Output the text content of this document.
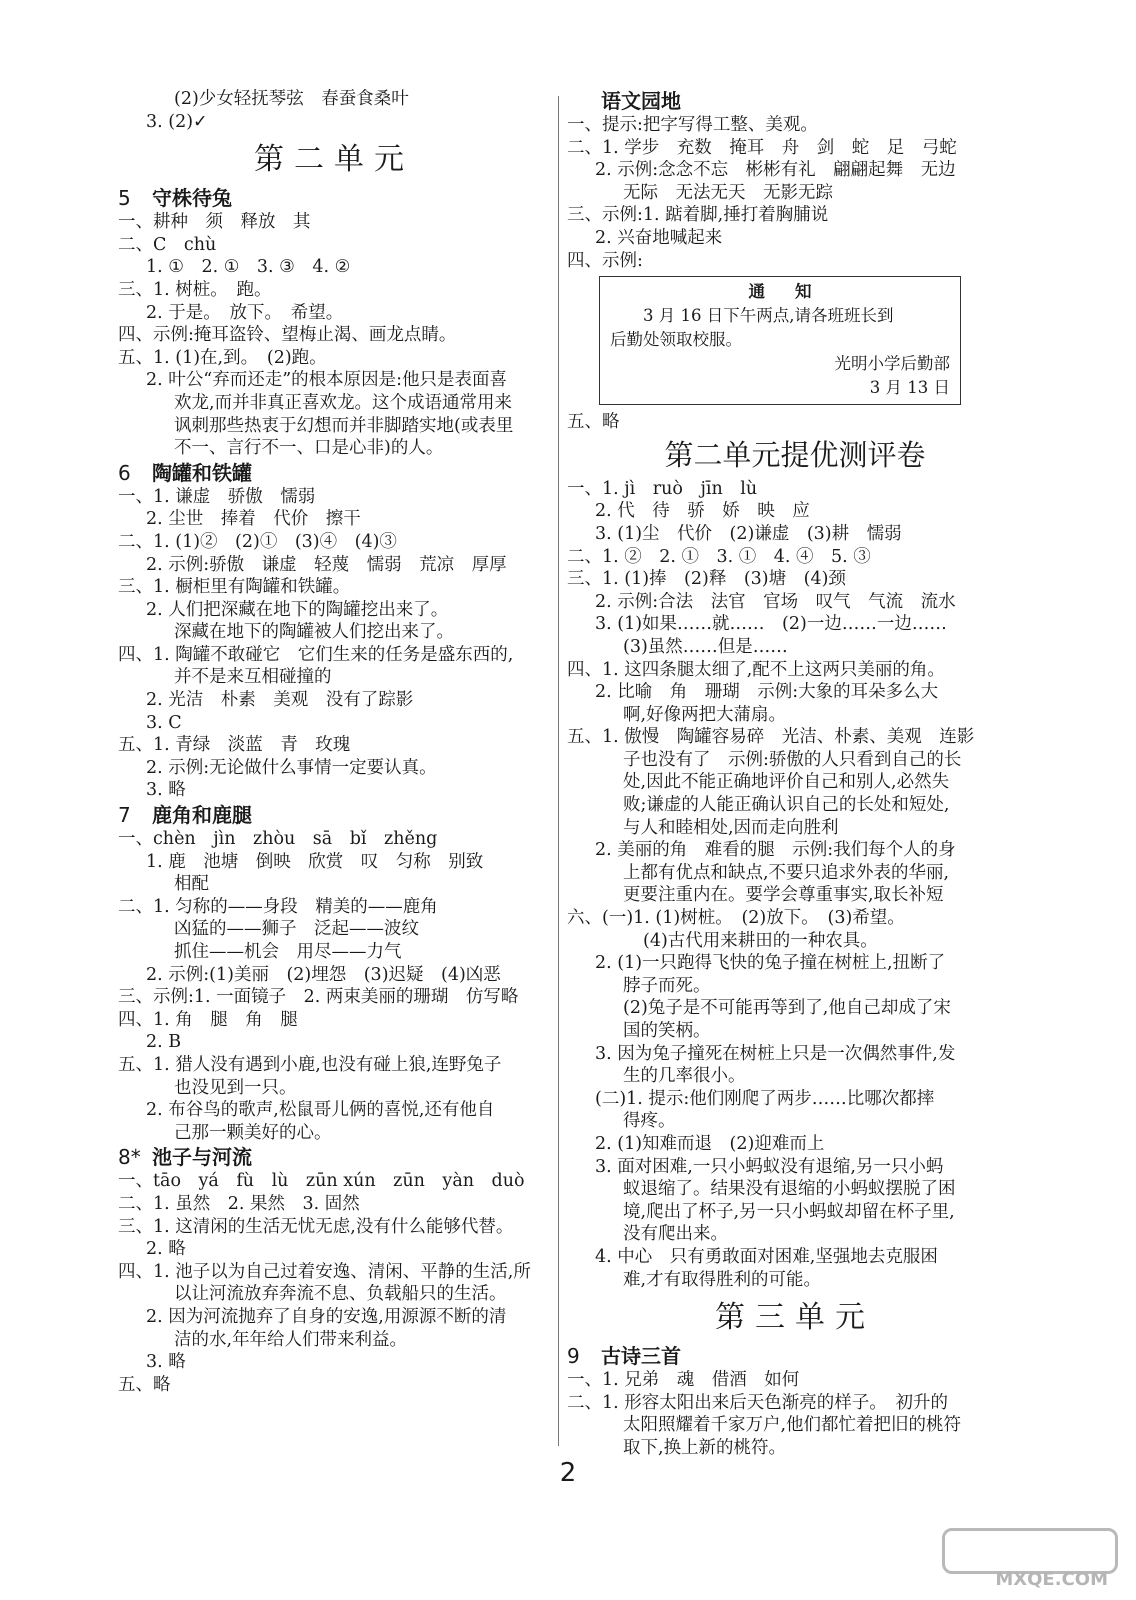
(2)少女轻抚琴弦　春蚕食桑叶
3. (2)✓
第二单元
5 守株待兔
一、耕种　须　释放　其
二、C　chù
1. ①　2. ①　3. ③　4. ②
三、1. 树桩。　跑。
2. 于是。　放下。　希望。
四、示例:掩耳盗铃、望梅止渴、画龙点睛。
五、1. (1)在,到。　(2)跑。
2. 叶公“弃而还走”的根本原因是:他只是表面喜
欢龙,而并非真正喜欢龙。这个成语通常用来
讽刺那些热衷于幻想而并非脚踏实地(或表里
不一、言行不一、口是心非)的人。
6 陶罐和铁罐
一、1. 谦虚　骄傲　懦弱
2. 尘世　捧着　代价　擦干
二、1. (1)②　(2)①　(3)④　(4)③
2. 示例:骄傲　谦虚　轻蔑　懦弱　荒凉　厚厚
三、1. 橱柜里有陶罐和铁罐。
2. 人们把深藏在地下的陶罐挖出来了。
深藏在地下的陶罐被人们挖出来了。
四、1. 陶罐不敢碰它　它们生来的任务是盛东西的,
并不是来互相碰撞的
2. 光洁　朴素　美观　没有了踪影
3. C
五、1. 青绿　淡蓝　青　玫瑰
2. 示例:无论做什么事情一定要认真。
3. 略
7 鹿角和鹿腿
一、chèn　jìn　zhòu　sā　bǐ　zhěng
1. 鹿　池塘　倒映　欣赏　叹　匀称　别致
相配
二、1. 匀称的——身段　精美的——鹿角
凶猛的——狮子　泛起——波纹
抓住——机会　用尽——力气
2. 示例:(1)美丽　(2)埋怨　(3)迟疑　(4)凶恶
三、示例:1. 一面镜子　2. 两束美丽的珊瑚　仿写略
四、1. 角　腿　角　腿
2. B
五、1. 猎人没有遇到小鹿,也没有碰上狼,连野兔子
也没见到一只。
2. 布谷鸟的歌声,松鼠哥儿俩的喜悦,还有他自
己那一颗美好的心。
8* 池子与河流
一、tāo　yá　fù　lù　zūn xún　zūn　yàn　duò
二、1. 虽然　2. 果然　3. 固然
三、1. 这清闲的生活无忧无虑,没有什么能够代替。
2. 略
四、1. 池子以为自己过着安逸、清闲、平静的生活,所
以让河流放弃奔流不息、负载船只的生活。
2. 因为河流抛弃了自身的安逸,用源源不断的清
洁的水,年年给人们带来利益。
3. 略
五、略
语文园地
一、提示:把字写得工整、美观。
二、1. 学步　充数　掩耳　舟　剑　蛇　足　弓蛇
2. 示例:念念不忘　彬彬有礼　翩翩起舞　无边
无际　无法无天　无影无踪
三、示例:1. 踮着脚,捶打着胸脯说
2. 兴奋地喊起来
四、示例:
通知
　　3 月 16 日下午两点,请各班班长到
后勤处领取校服。
光明小学后勤部
3 月 13 日
五、略
第二单元提优测评卷
一、1. jì　ruò　jīn　lù
2. 代　待　骄　娇　映　应
3. (1)尘　代价　(2)谦虚　(3)耕　懦弱
二、1. ②　2. ①　3. ①　4. ④　5. ③
三、1. (1)捧　(2)释　(3)塘　(4)颈
2. 示例:合法　法官　官场　叹气　气流　流水
3. (1)如果……就……　(2)一边……一边……
(3)虽然……但是……
四、1. 这四条腿太细了,配不上这两只美丽的角。
2. 比喻　角　珊瑚　示例:大象的耳朵多么大
啊,好像两把大蒲扇。
五、1. 傲慢　陶罐容易碎　光洁、朴素、美观　连影
子也没有了　示例:骄傲的人只看到自己的长
处,因此不能正确地评价自己和别人,必然失
败;谦虚的人能正确认识自己的长处和短处,
与人和睦相处,因而走向胜利
2. 美丽的角　难看的腿　示例:我们每个人的身
上都有优点和缺点,不要只追求外表的华丽,
更要注重内在。要学会尊重事实,取长补短
六、(一)1. (1)树桩。　(2)放下。　(3)希望。
(4)古代用来耕田的一种农具。
2. (1)一只跑得飞快的兔子撞在树桩上,扭断了
脖子而死。
(2)兔子是不可能再等到了,他自己却成了宋
国的笑柄。
3. 因为兔子撞死在树桩上只是一次偶然事件,发
生的几率很小。
(二)1. 提示:他们刚爬了两步……比哪次都摔
得疼。
2. (1)知难而退　(2)迎难而上
3. 面对困难,一只小蚂蚁没有退缩,另一只小蚂
蚁退缩了。结果没有退缩的小蚂蚁摆脱了困
境,爬出了杯子,另一只小蚂蚁却留在杯子里,
没有爬出来。
4. 中心　只有勇敢面对困难,坚强地去克服困
难,才有取得胜利的可能。
第三单元
9 古诗三首
一、1. 兄弟　魂　借酒　如何
二、1. 形容太阳出来后天色渐亮的样子。　初升的
太阳照耀着千家万户,他们都忙着把旧的桃符
取下,换上新的桃符。
2
MXQE.COM
